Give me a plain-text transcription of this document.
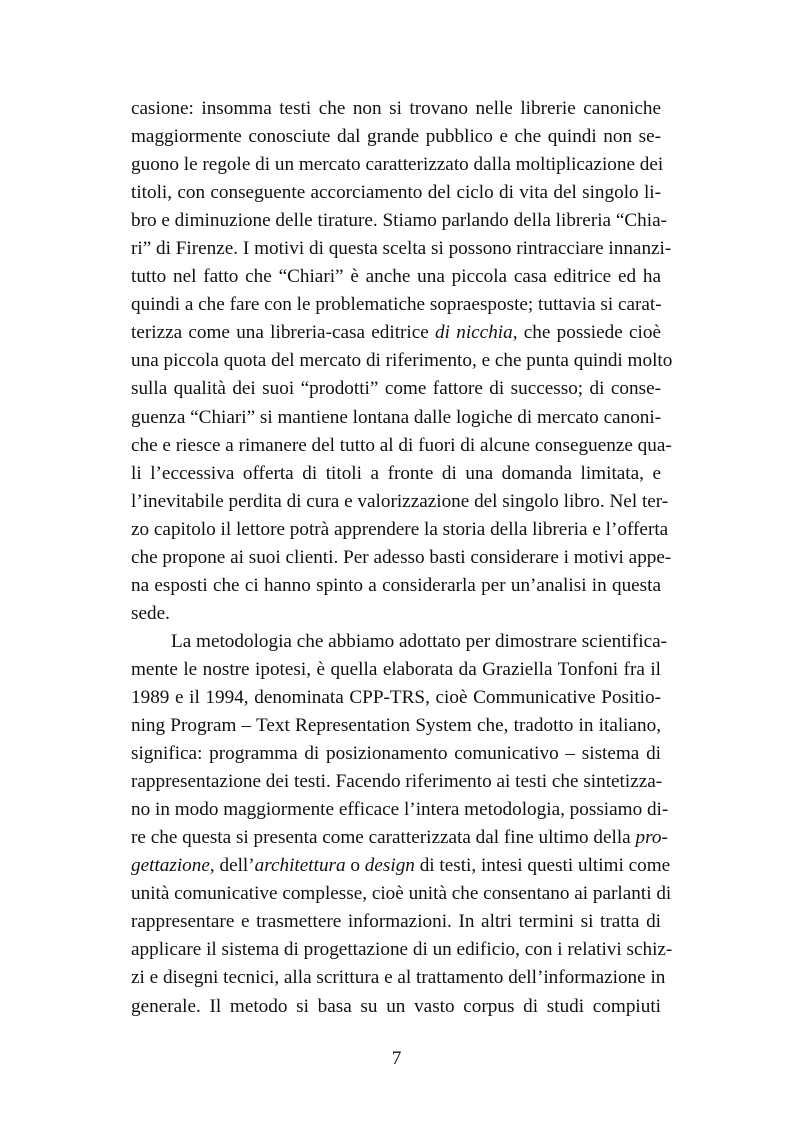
casione: insomma testi che non si trovano nelle librerie canoniche
maggiormente conosciute dal grande pubblico e che quindi non se-
guono le regole di un mercato caratterizzato dalla moltiplicazione dei
titoli, con conseguente accorciamento del ciclo di vita del singolo li-
bro e diminuzione delle tirature. Stiamo parlando della libreria “Chia-
ri” di Firenze. I motivi di questa scelta si possono rintracciare innanzi-
tutto nel fatto che “Chiari” è anche una piccola casa editrice ed ha
quindi a che fare con le problematiche sopraesposte; tuttavia si carat-
terizza come una libreria-casa editrice di nicchia, che possiede cioè
una piccola quota del mercato di riferimento, e che punta quindi molto
sulla qualità dei suoi “prodotti” come fattore di successo; di conse-
guenza “Chiari” si mantiene lontana dalle logiche di mercato canoni-
che e riesce a rimanere del tutto al di fuori di alcune conseguenze qua-
li l’eccessiva offerta di titoli a fronte di una domanda limitata, e
l’inevitabile perdita di cura e valorizzazione del singolo libro. Nel ter-
zo capitolo il lettore potrà apprendere la storia della libreria e l’offerta
che propone ai suoi clienti. Per adesso basti considerare i motivi appe-
na esposti che ci hanno spinto a considerarla per un’analisi in questa
sede.
La metodologia che abbiamo adottato per dimostrare scientifica-
mente le nostre ipotesi, è quella elaborata da Graziella Tonfoni fra il
1989 e il 1994, denominata CPP-TRS, cioè Communicative Positio-
ning Program – Text Representation System che, tradotto in italiano,
significa: programma di posizionamento comunicativo – sistema di
rappresentazione dei testi. Facendo riferimento ai testi che sintetizza-
no in modo maggiormente efficace l’intera metodologia, possiamo di-
re che questa si presenta come caratterizzata dal fine ultimo della pro-
gettazione, dell’architettura o design di testi, intesi questi ultimi come
unità comunicative complesse, cioè unità che consentano ai parlanti di
rappresentare e trasmettere informazioni. In altri termini si tratta di
applicare il sistema di progettazione di un edificio, con i relativi schiz-
zi e disegni tecnici, alla scrittura e al trattamento dell’informazione in
generale. Il metodo si basa su un vasto corpus di studi compiuti
7
